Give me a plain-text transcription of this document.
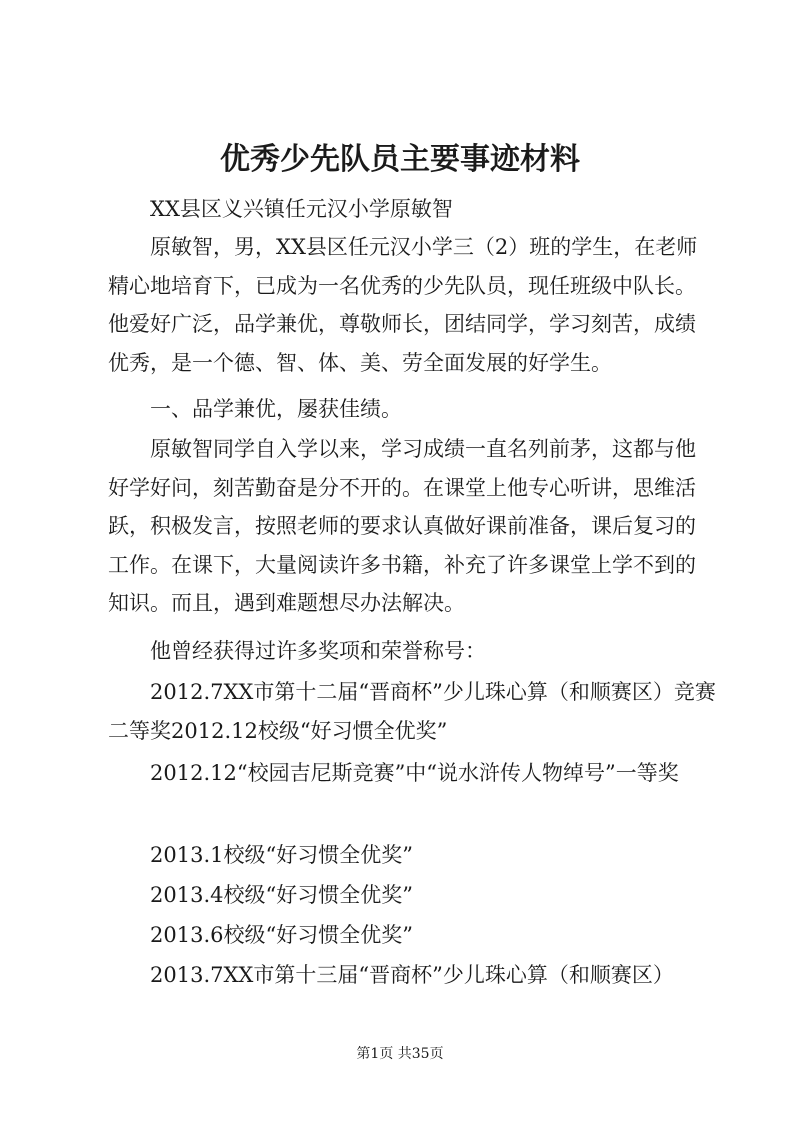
优秀少先队员主要事迹材料

XX县区义兴镇任元汉小学原敏智

原敏智，男，XX县区任元汉小学三（2）班的学生，在老师精心地培育下，已成为一名优秀的少先队员，现任班级中队长。他爱好广泛，品学兼优，尊敬师长，团结同学，学习刻苦，成绩优秀，是一个德、智、体、美、劳全面发展的好学生。

一、品学兼优，屡获佳绩。

原敏智同学自入学以来，学习成绩一直名列前茅，这都与他好学好问，刻苦勤奋是分不开的。在课堂上他专心听讲，思维活跃，积极发言，按照老师的要求认真做好课前准备，课后复习的工作。在课下，大量阅读许多书籍，补充了许多课堂上学不到的知识。而且，遇到难题想尽办法解决。

他曾经获得过许多奖项和荣誉称号：

2012.7XX市第十二届“晋商杯”少儿珠心算（和顺赛区）竞赛二等奖2012.12校级“好习惯全优奖”

2012.12“校园吉尼斯竞赛”中“说水浒传人物绰号”一等奖

2013.1校级“好习惯全优奖”

2013.4校级“好习惯全优奖”

2013.6校级“好习惯全优奖”

2013.7XX市第十三届“晋商杯”少儿珠心算（和顺赛区）

第1页 共35页
